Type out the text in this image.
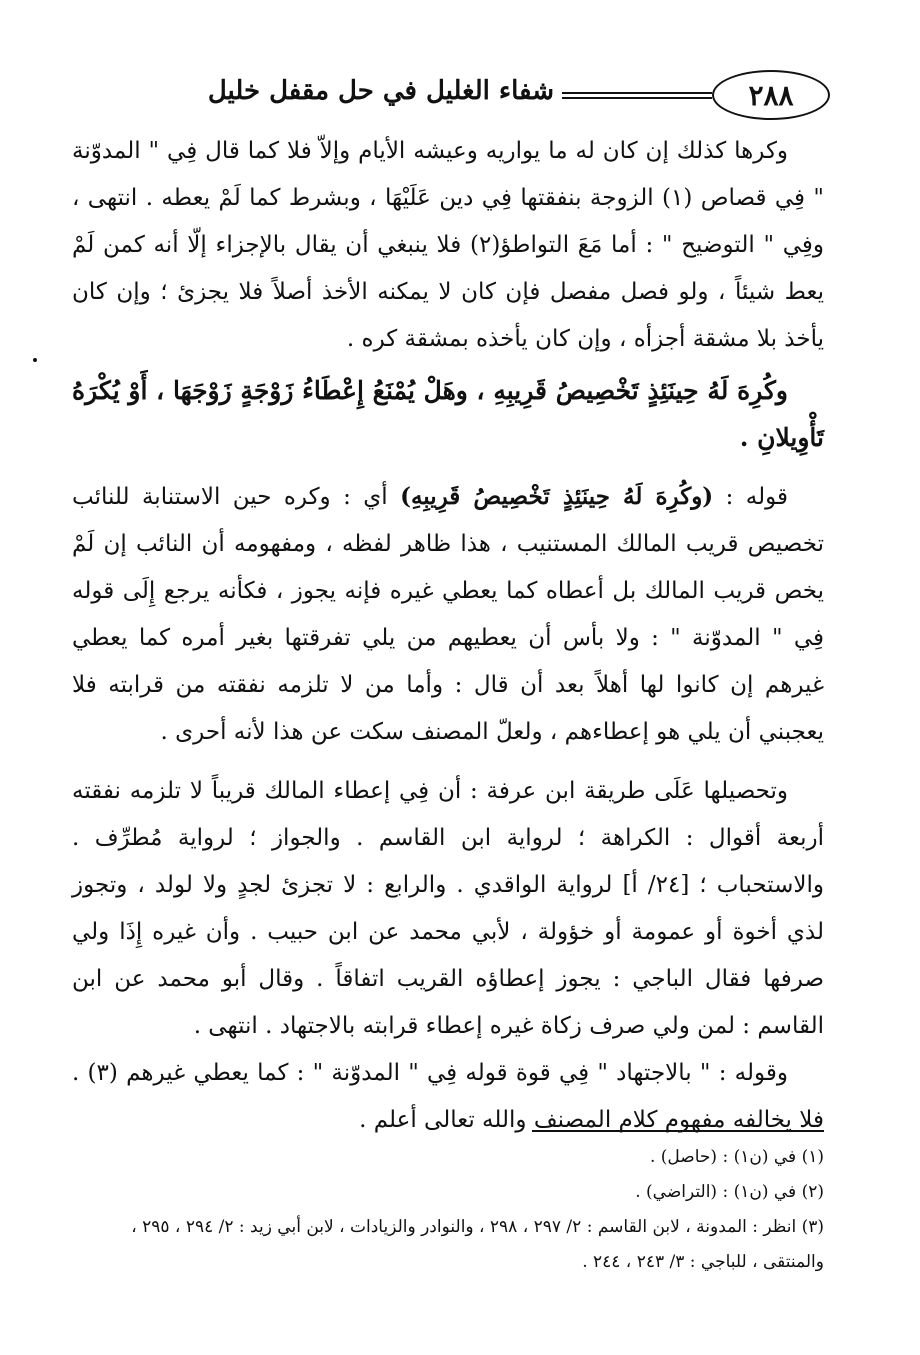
٢٨٨
شفاء الغليل في حل مقفل خليل

وكرها كذلك إن كان له ما يواريه وعيشه الأيام وإلاّ فلا كما قال فِي " المدوّنة " فِي قصاص (١) الزوجة بنفقتها فِي دين عَلَيْهَا ، وبشرط كما لَمْ يعطه . انتهى ، وفِي " التوضيح " : أما مَعَ التواطؤ(٢) فلا ينبغي أن يقال بالإجزاء إلّا أنه كمن لَمْ يعط شيئاً ، ولو فصل مفصل فإن كان لا يمكنه الأخذ أصلاً فلا يجزئ ؛ وإن كان يأخذ بلا مشقة أجزأه ، وإن كان يأخذه بمشقة كره .

وكُرِهَ لَهُ حِينَئِذٍ تَخْصِيصُ قَرِيبِهِ ، وهَلْ يُمْنَعُ إِعْطَاءُ زَوْجَةٍ زَوْجَهَا ، أَوْ يُكْرَهُ تَأْوِيلانِ .

قوله : (وكُرِهَ لَهُ حِينَئِذٍ تَخْصِيصُ قَرِيبِهِ) أي : وكره حين الاستنابة للنائب تخصيص قريب المالك المستنيب ، هذا ظاهر لفظه ، ومفهومه أن النائب إن لَمْ يخص قريب المالك بل أعطاه كما يعطي غيره فإنه يجوز ، فكأنه يرجع إِلَى قوله فِي " المدوّنة " : ولا بأس أن يعطيهم من يلي تفرقتها بغير أمره كما يعطي غيرهم إن كانوا لها أهلاً بعد أن قال : وأما من لا تلزمه نفقته من قرابته فلا يعجبني أن يلي هو إعطاءهم ، ولعلّ المصنف سكت عن هذا لأنه أحرى .

وتحصيلها عَلَى طريقة ابن عرفة : أن فِي إعطاء المالك قريباً لا تلزمه نفقته أربعة أقوال : الكراهة ؛ لرواية ابن القاسم . والجواز ؛ لرواية مُطرِّف . والاستحباب ؛ [٢٤/ أ] لرواية الواقدي . والرابع : لا تجزئ لجدٍ ولا لولد ، وتجوز لذي أخوة أو عمومة أو خؤولة ، لأبي محمد عن ابن حبيب . وأن غيره إِذَا ولي صرفها فقال الباجي : يجوز إعطاؤه القريب اتفاقاً . وقال أبو محمد عن ابن القاسم : لمن ولي صرف زكاة غيره إعطاء قرابته بالاجتهاد . انتهى .

وقوله : " بالاجتهاد " فِي قوة قوله فِي " المدوّنة " : كما يعطي غيرهم (٣) . فلا يخالفه مفهوم كلام المصنف والله تعالى أعلم .

(١) في (ن١) : (حاصل) .

(٢) في (ن١) : (التراضي) .

(٣) انظر : المدونة ، لابن القاسم : ٢/ ٢٩٧ ، ٢٩٨ ، والنوادر والزيادات ، لابن أبي زيد : ٢/ ٢٩٤ ، ٢٩٥ ، والمنتقى ، للباجي : ٣/ ٢٤٣ ، ٢٤٤ .
